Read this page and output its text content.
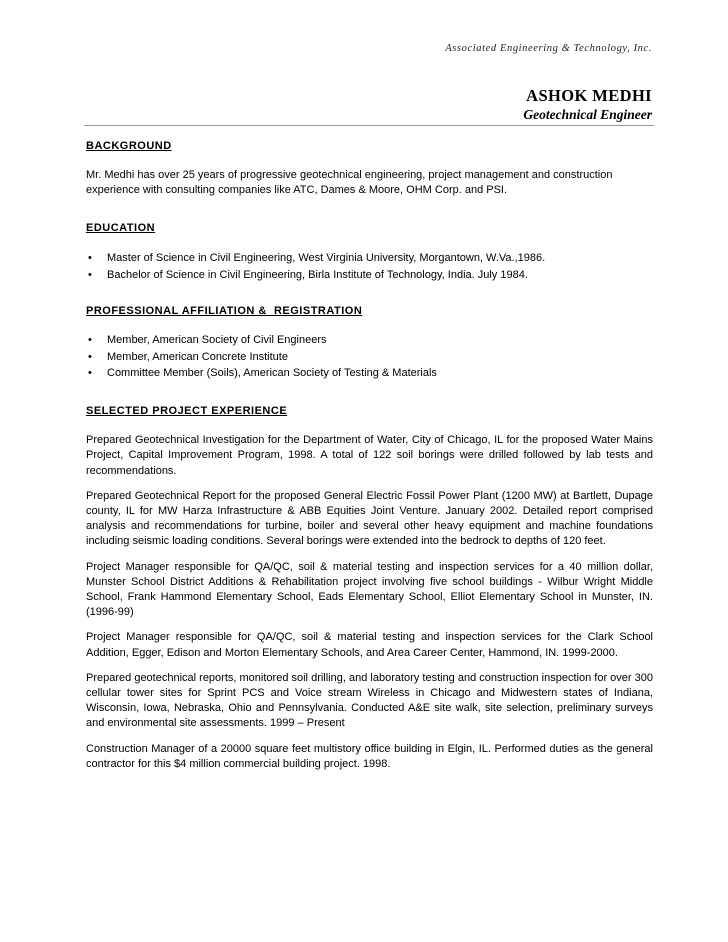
Associated Engineering & Technology, Inc.
ASHOK MEDHI
Geotechnical Engineer

BACKGROUND

Mr. Medhi has over 25 years of progressive geotechnical engineering, project management and construction experience with consulting companies like ATC, Dames & Moore, OHM Corp. and PSI.

EDUCATION

• Master of Science in Civil Engineering, West Virginia University, Morgantown, W.Va.,1986.
• Bachelor of Science in Civil Engineering, Birla Institute of Technology, India. July 1984.

PROFESSIONAL AFFILIATION &  REGISTRATION

• Member, American Society of Civil Engineers
• Member, American Concrete Institute
• Committee Member (Soils), American Society of Testing & Materials

SELECTED PROJECT EXPERIENCE

Prepared Geotechnical Investigation for the Department of Water, City of Chicago, IL for the proposed Water Mains Project, Capital Improvement Program, 1998. A total of 122 soil borings were drilled followed by lab tests and recommendations.

Prepared Geotechnical Report for the proposed General Electric Fossil Power Plant (1200 MW) at Bartlett, Dupage county, IL for MW Harza Infrastructure & ABB Equities Joint Venture. January 2002. Detailed report comprised analysis and recommendations for turbine, boiler and several other heavy equipment and machine foundations including seismic loading conditions. Several borings were extended into the bedrock to depths of 120 feet.

Project Manager responsible for QA/QC, soil & material testing and inspection services for a 40 million dollar, Munster School District Additions & Rehabilitation project involving five school buildings - Wilbur Wright Middle School, Frank Hammond Elementary School, Eads Elementary School, Elliot Elementary School in Munster, IN. (1996-99)

Project Manager responsible for QA/QC, soil & material testing and inspection services for the Clark School Addition, Egger, Edison and Morton Elementary Schools, and Area Career Center, Hammond, IN. 1999-2000.

Prepared geotechnical reports, monitored soil drilling, and laboratory testing and construction inspection for over 300 cellular tower sites for Sprint PCS and Voice stream Wireless in Chicago and Midwestern states of Indiana, Wisconsin, Iowa, Nebraska, Ohio and Pennsylvania. Conducted A&E site walk, site selection, preliminary surveys and environmental site assessments. 1999 – Present

Construction Manager of a 20000 square feet multistory office building in Elgin, IL. Performed duties as the general contractor for this $4 million commercial building project. 1998.
